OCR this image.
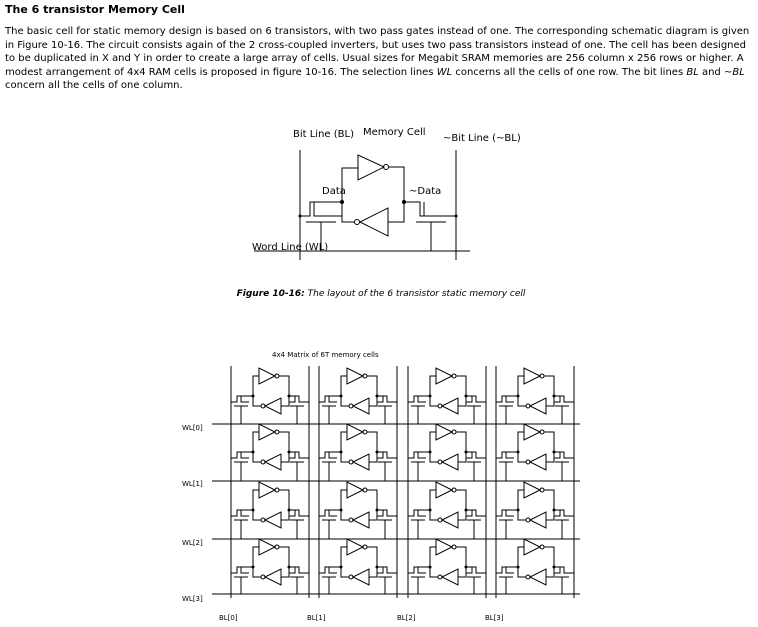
The 6 transistor Memory Cell

The basic cell for static memory design is based on 6 transistors, with two pass gates instead of one. The corresponding schematic diagram is given in Figure 10-16. The circuit consists again of the 2 cross-coupled inverters, but uses two pass transistors instead of one. The cell has been designed to be duplicated in X and Y in order to create a large array of cells. Usual sizes for Megabit SRAM memories are 256 column x 256 rows or higher. A modest arrangement of 4x4 RAM cells is proposed in figure 10-16. The selection lines WL concerns all the cells of one row. The bit lines BL and ~BL concern all the cells of one column.

Bit Line (BL) Memory Cell
~Bit Line (~BL)
Data	~Data
Word Line (WL)
Figure 10-16: The layout of the 6 transistor static memory cell
4x4 Matrix of 6T memory cells
WL[0]
WL[1]
WL[2]
WL[3]
BL[0]	BL[1]	BL[2]	BL[3]
